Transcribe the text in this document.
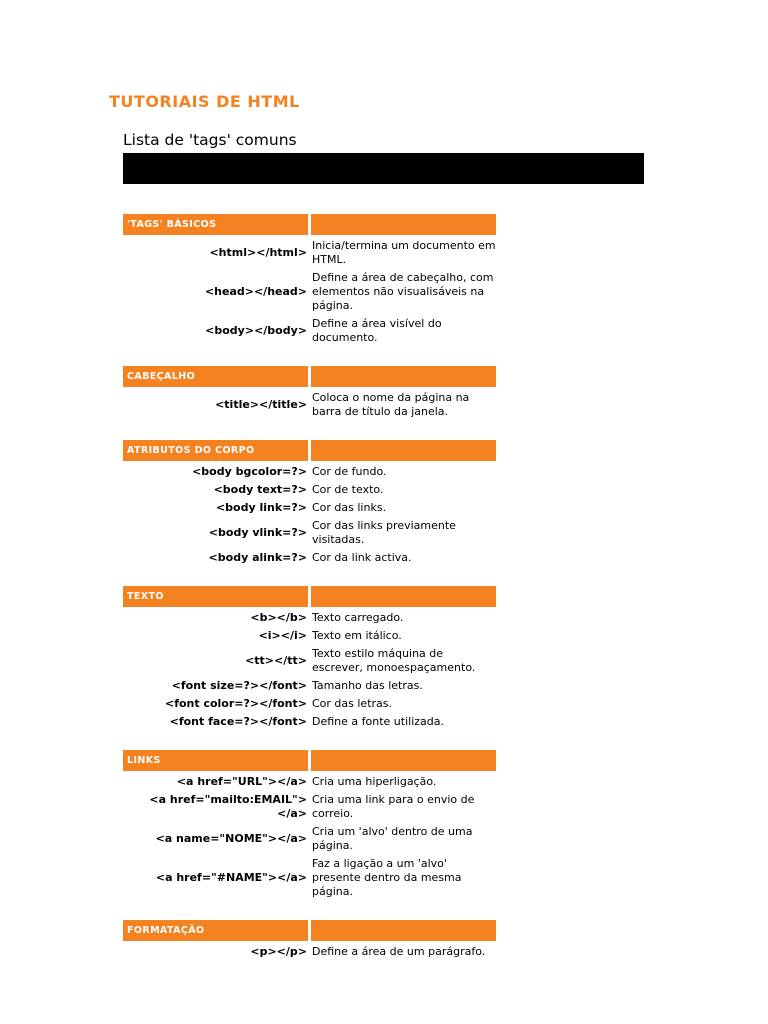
TUTORIAIS DE HTML
Lista de 'tags' comuns
'TAGS' BÁSICOS
<html></html>
Inicia/termina um documento em HTML.
<head></head>
Define a área de cabeçalho, com elementos não visualisáveis na página.
<body></body>
Define a área visível do documento.
CABEÇALHO
<title></title>
Coloca o nome da página na barra de título da janela.
ATRIBUTOS DO CORPO
<body bgcolor=?> Cor de fundo.
<body text=?> Cor de texto.
<body link=?> Cor das links.
<body vlink=?>
Cor das links previamente visitadas.
<body alink=?> Cor da link activa.
TEXTO
<b></b> Texto carregado.
<i></i> Texto em itálico.
<tt></tt>
Texto estilo máquina de escrever, monoespaçamento.
<font size=?></font> Tamanho das letras.
<font color=?></font> Cor das letras.
<font face=?></font> Define a fonte utilizada.
LINKS
<a href="URL"></a> Cria uma hiperligação.
<a href="mailto:EMAIL"></a>
Cria uma link para o envio de correio.
<a name="NOME"></a>
Cria um 'alvo' dentro de uma página.
<a href="#NAME"></a>
Faz a ligação a um 'alvo' presente dentro da mesma página.
FORMATAÇÃO
<p></p> Define a área de um parágrafo.
